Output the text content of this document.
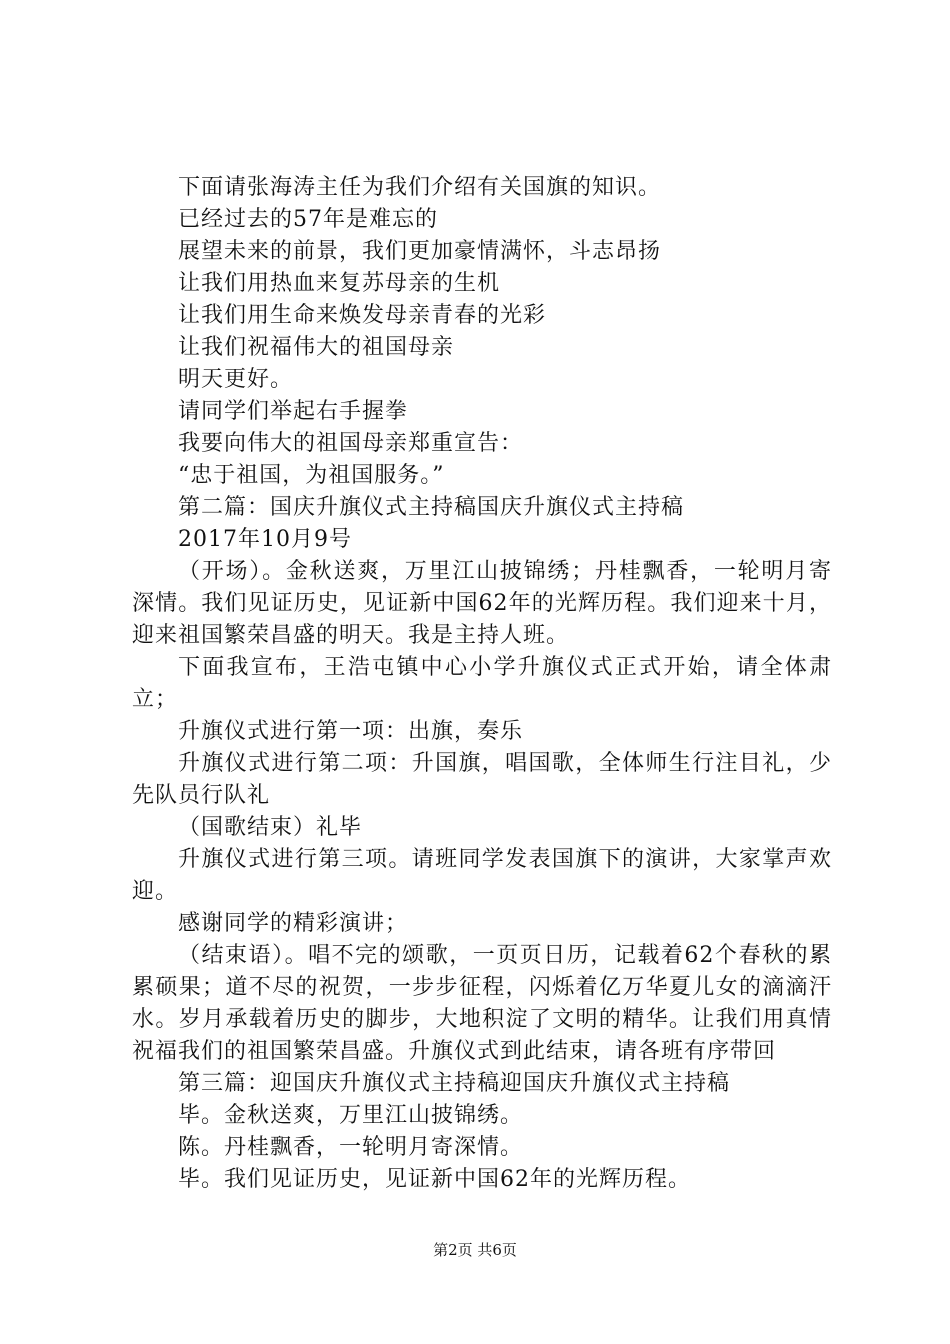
下面请张海涛主任为我们介绍有关国旗的知识。

已经过去的57年是难忘的

展望未来的前景，我们更加豪情满怀，斗志昂扬

让我们用热血来复苏母亲的生机

让我们用生命来焕发母亲青春的光彩

让我们祝福伟大的祖国母亲

明天更好。

请同学们举起右手握拳

我要向伟大的祖国母亲郑重宣告：

“忠于祖国，为祖国服务。”

第二篇：国庆升旗仪式主持稿国庆升旗仪式主持稿

2017年10月9号

（开场）。金秋送爽，万里江山披锦绣；丹桂飘香，一轮明月寄深情。我们见证历史，见证新中国62年的光辉历程。我们迎来十月，迎来祖国繁荣昌盛的明天。我是主持人班。

下面我宣布，王浩屯镇中心小学升旗仪式正式开始，请全体肃立；

升旗仪式进行第一项：出旗，奏乐

升旗仪式进行第二项：升国旗，唱国歌，全体师生行注目礼，少先队员行队礼

（国歌结束）礼毕

升旗仪式进行第三项。请班同学发表国旗下的演讲，大家掌声欢迎。

感谢同学的精彩演讲；

（结束语）。唱不完的颂歌，一页页日历，记载着62个春秋的累累硕果；道不尽的祝贺，一步步征程，闪烁着亿万华夏儿女的滴滴汗水。岁月承载着历史的脚步，大地积淀了文明的精华。让我们用真情祝福我们的祖国繁荣昌盛。升旗仪式到此结束，请各班有序带回

第三篇：迎国庆升旗仪式主持稿迎国庆升旗仪式主持稿

毕。金秋送爽，万里江山披锦绣。

陈。丹桂飘香，一轮明月寄深情。

毕。我们见证历史，见证新中国62年的光辉历程。

第2页 共6页
